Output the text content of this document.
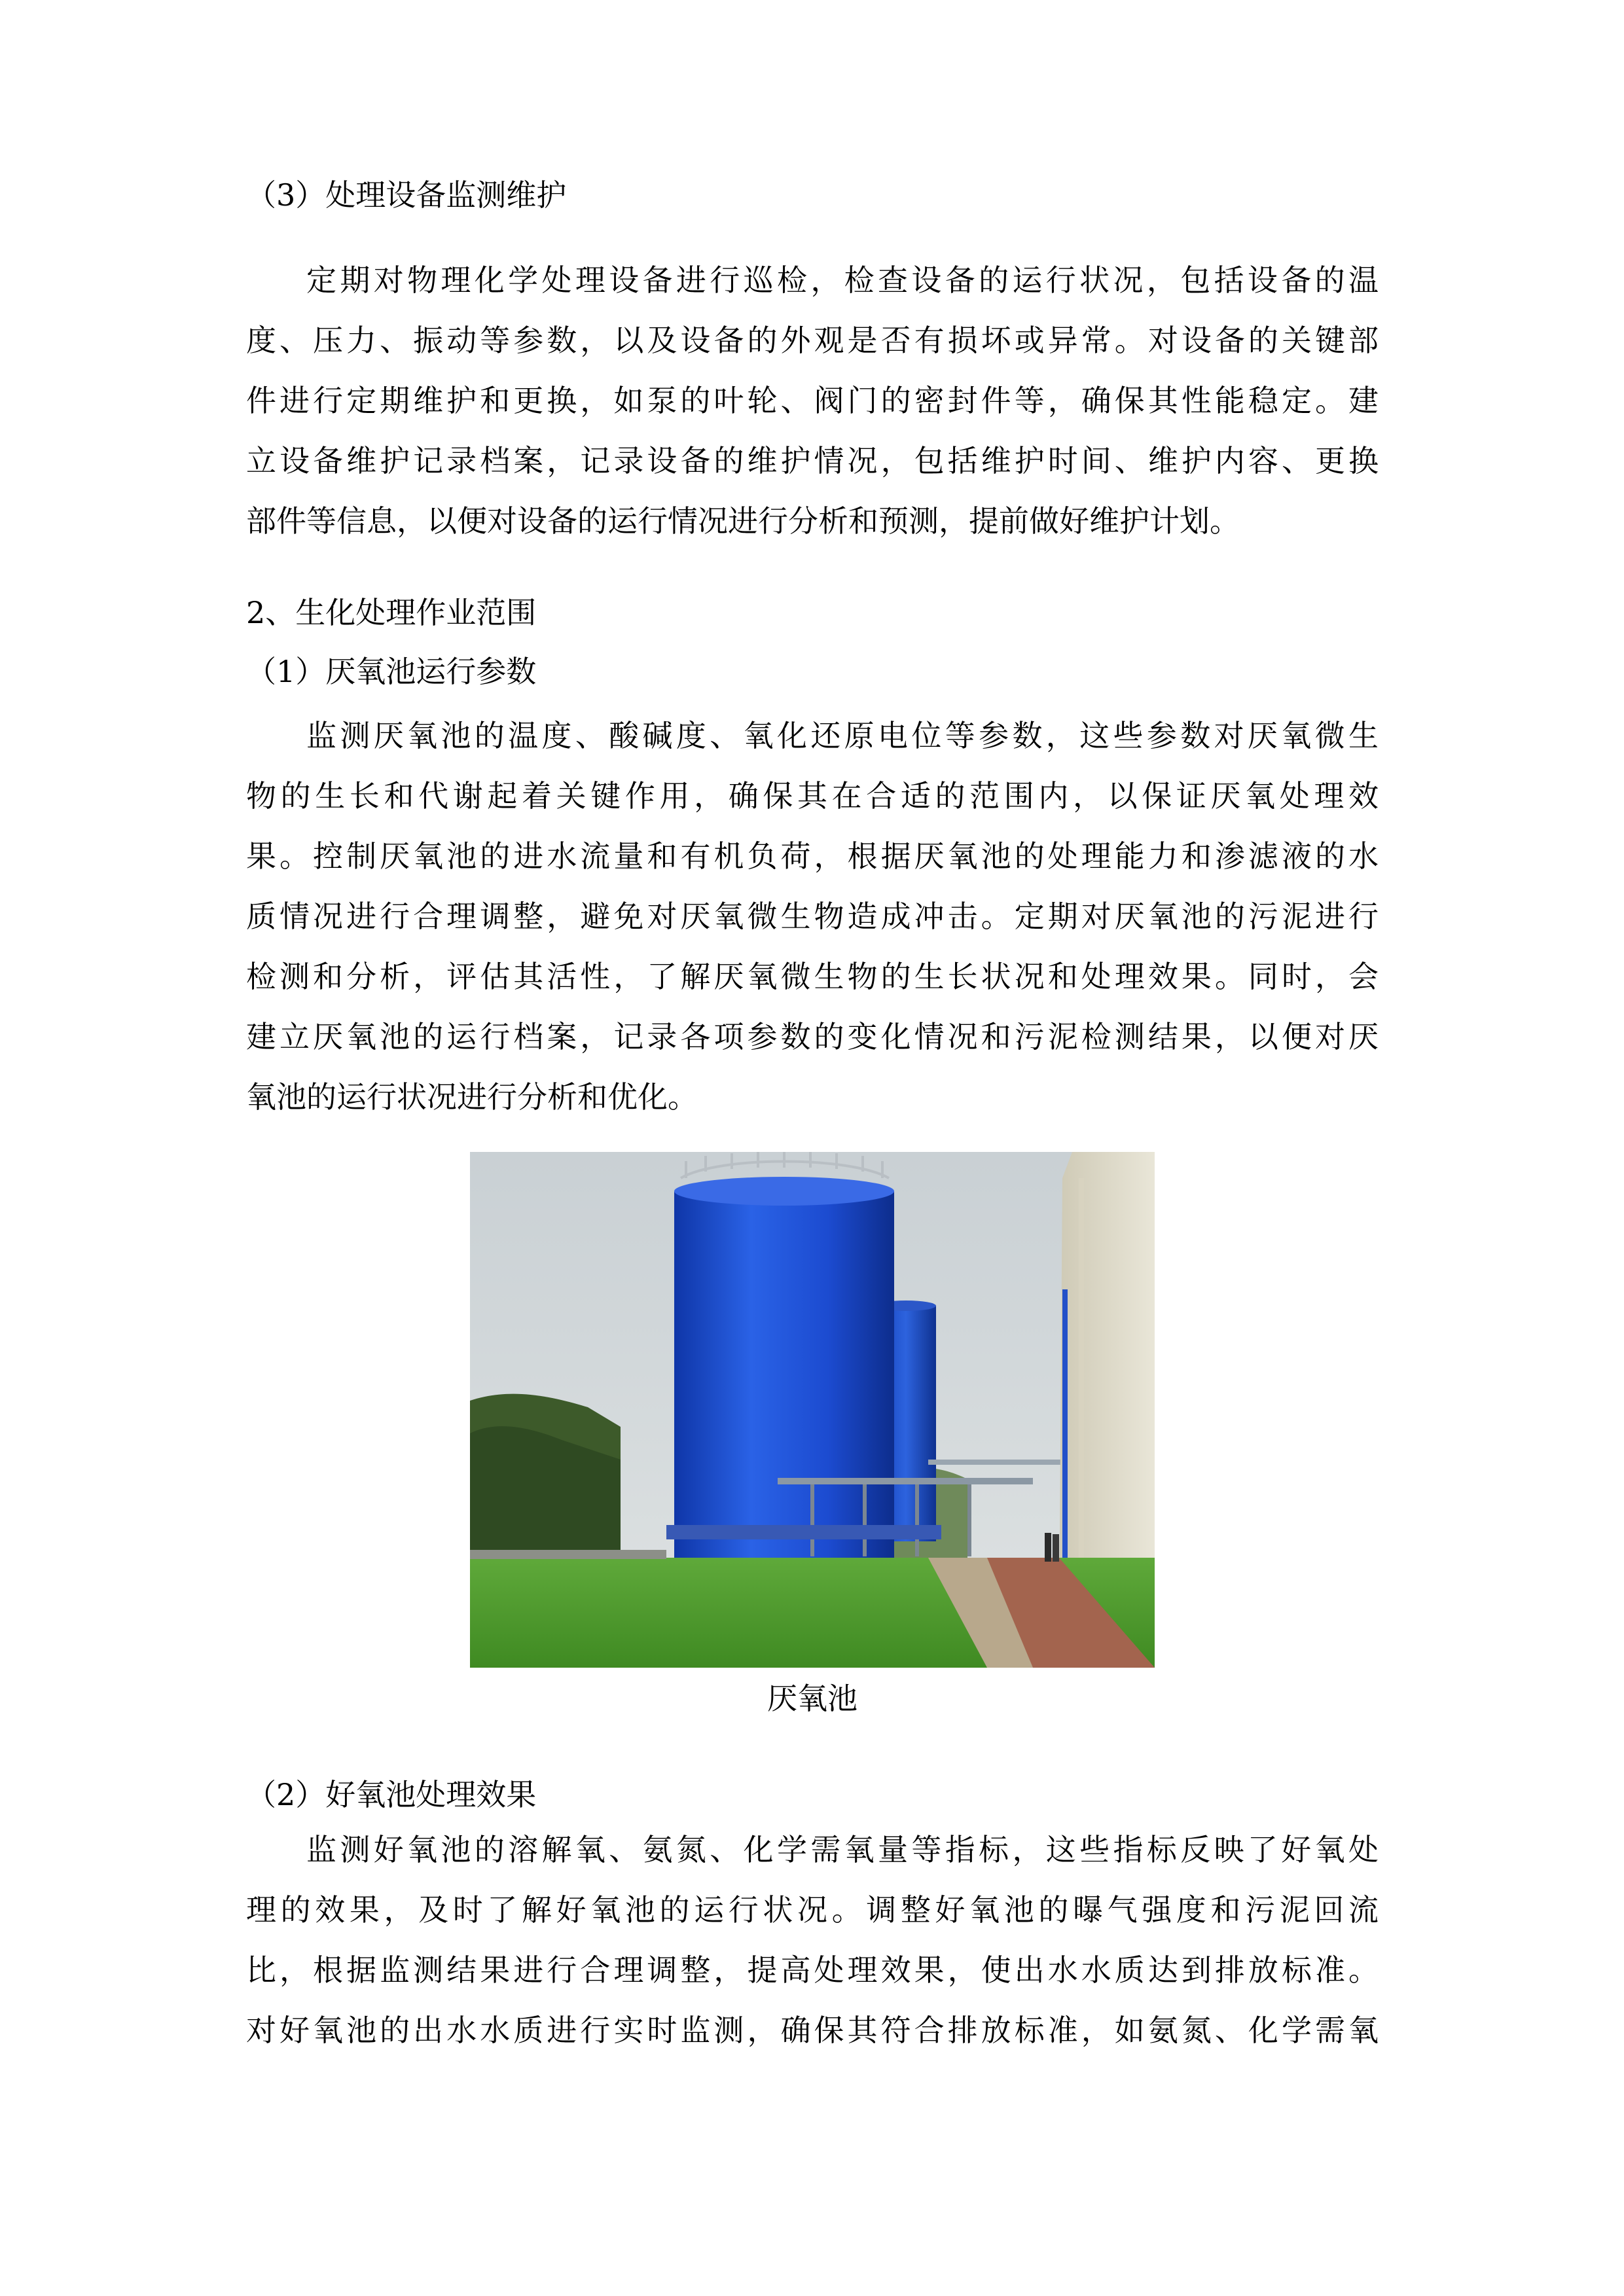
（3）处理设备监测维护
定期对物理化学处理设备进行巡检，检查设备的运行状况，包括设备的温
度、压力、振动等参数，以及设备的外观是否有损坏或异常。对设备的关键部
件进行定期维护和更换，如泵的叶轮、阀门的密封件等，确保其性能稳定。建
立设备维护记录档案，记录设备的维护情况，包括维护时间、维护内容、更换
部件等信息，以便对设备的运行情况进行分析和预测，提前做好维护计划。
2、生化处理作业范围
（1）厌氧池运行参数
监测厌氧池的温度、酸碱度、氧化还原电位等参数，这些参数对厌氧微生
物的生长和代谢起着关键作用，确保其在合适的范围内，以保证厌氧处理效
果。控制厌氧池的进水流量和有机负荷，根据厌氧池的处理能力和渗滤液的水
质情况进行合理调整，避免对厌氧微生物造成冲击。定期对厌氧池的污泥进行
检测和分析，评估其活性，了解厌氧微生物的生长状况和处理效果。同时，会
建立厌氧池的运行档案，记录各项参数的变化情况和污泥检测结果，以便对厌
氧池的运行状况进行分析和优化。
厌氧池
（2）好氧池处理效果
监测好氧池的溶解氧、氨氮、化学需氧量等指标，这些指标反映了好氧处
理的效果，及时了解好氧池的运行状况。调整好氧池的曝气强度和污泥回流
比，根据监测结果进行合理调整，提高处理效果，使出水水质达到排放标准。
对好氧池的出水水质进行实时监测，确保其符合排放标准，如氨氮、化学需氧
